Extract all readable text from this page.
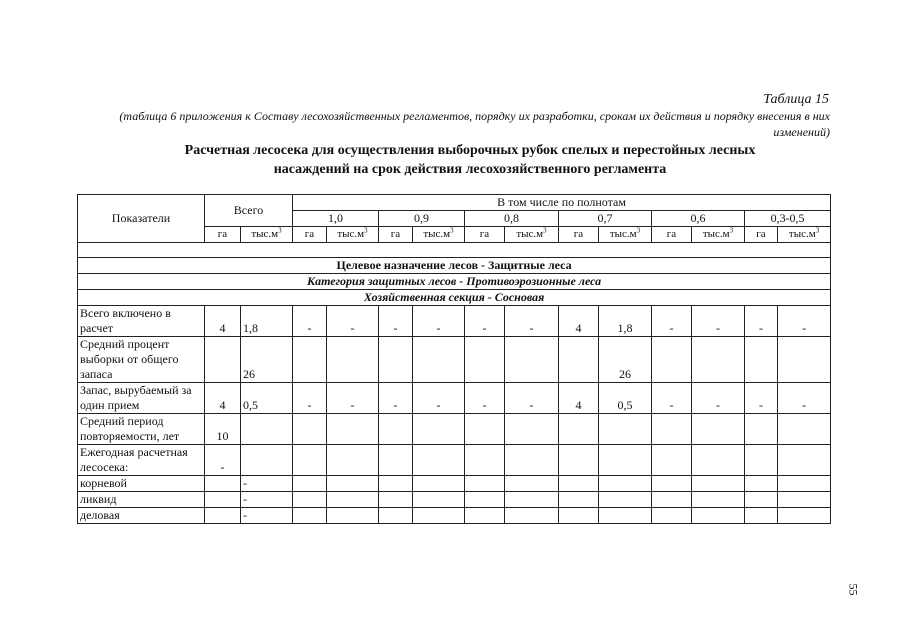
Таблица 15

(таблица 6 приложения к Составу лесохозяйственных регламентов, порядку их разработки, срокам их действия и порядку внесения в них изменений)

Расчетная лесосека для осуществления выборочных рубок спелых и перестойных лесных
насаждений на срок действия лесохозяйственного регламента
Показатели	Всего		В том числе по полнотам											
			1,0		0,9		0,8		0,7		0,6		0,3-0,5	
	га	$тыс.м^3$	га	$тыс.м^3$	га	$тыс.м^3$	га	$тыс.м^3$	га	$тыс.м^3$	га	$тыс.м^3$	га	$тыс.м^3$

Целевое назначение лесов - Защитные леса														
Категория защитных лесов - Противоэрозионные леса														
Хозяйственная секция - Сосновая														
Всего включено в расчет	4	1,8	-	-	-	-	-	-	4	1,8	-	-	-	-
Средний процент выборки от общего запаса		26								26				
Запас, вырубаемый за один прием	4	0,5	-	-	-	-	-	-	4	0,5	-	-	-	-
Средний период повторяемости, лет	10													
Ежегодная расчетная лесосека:	-													
корневой		-												
ликвид		-												
деловая		-												

55
